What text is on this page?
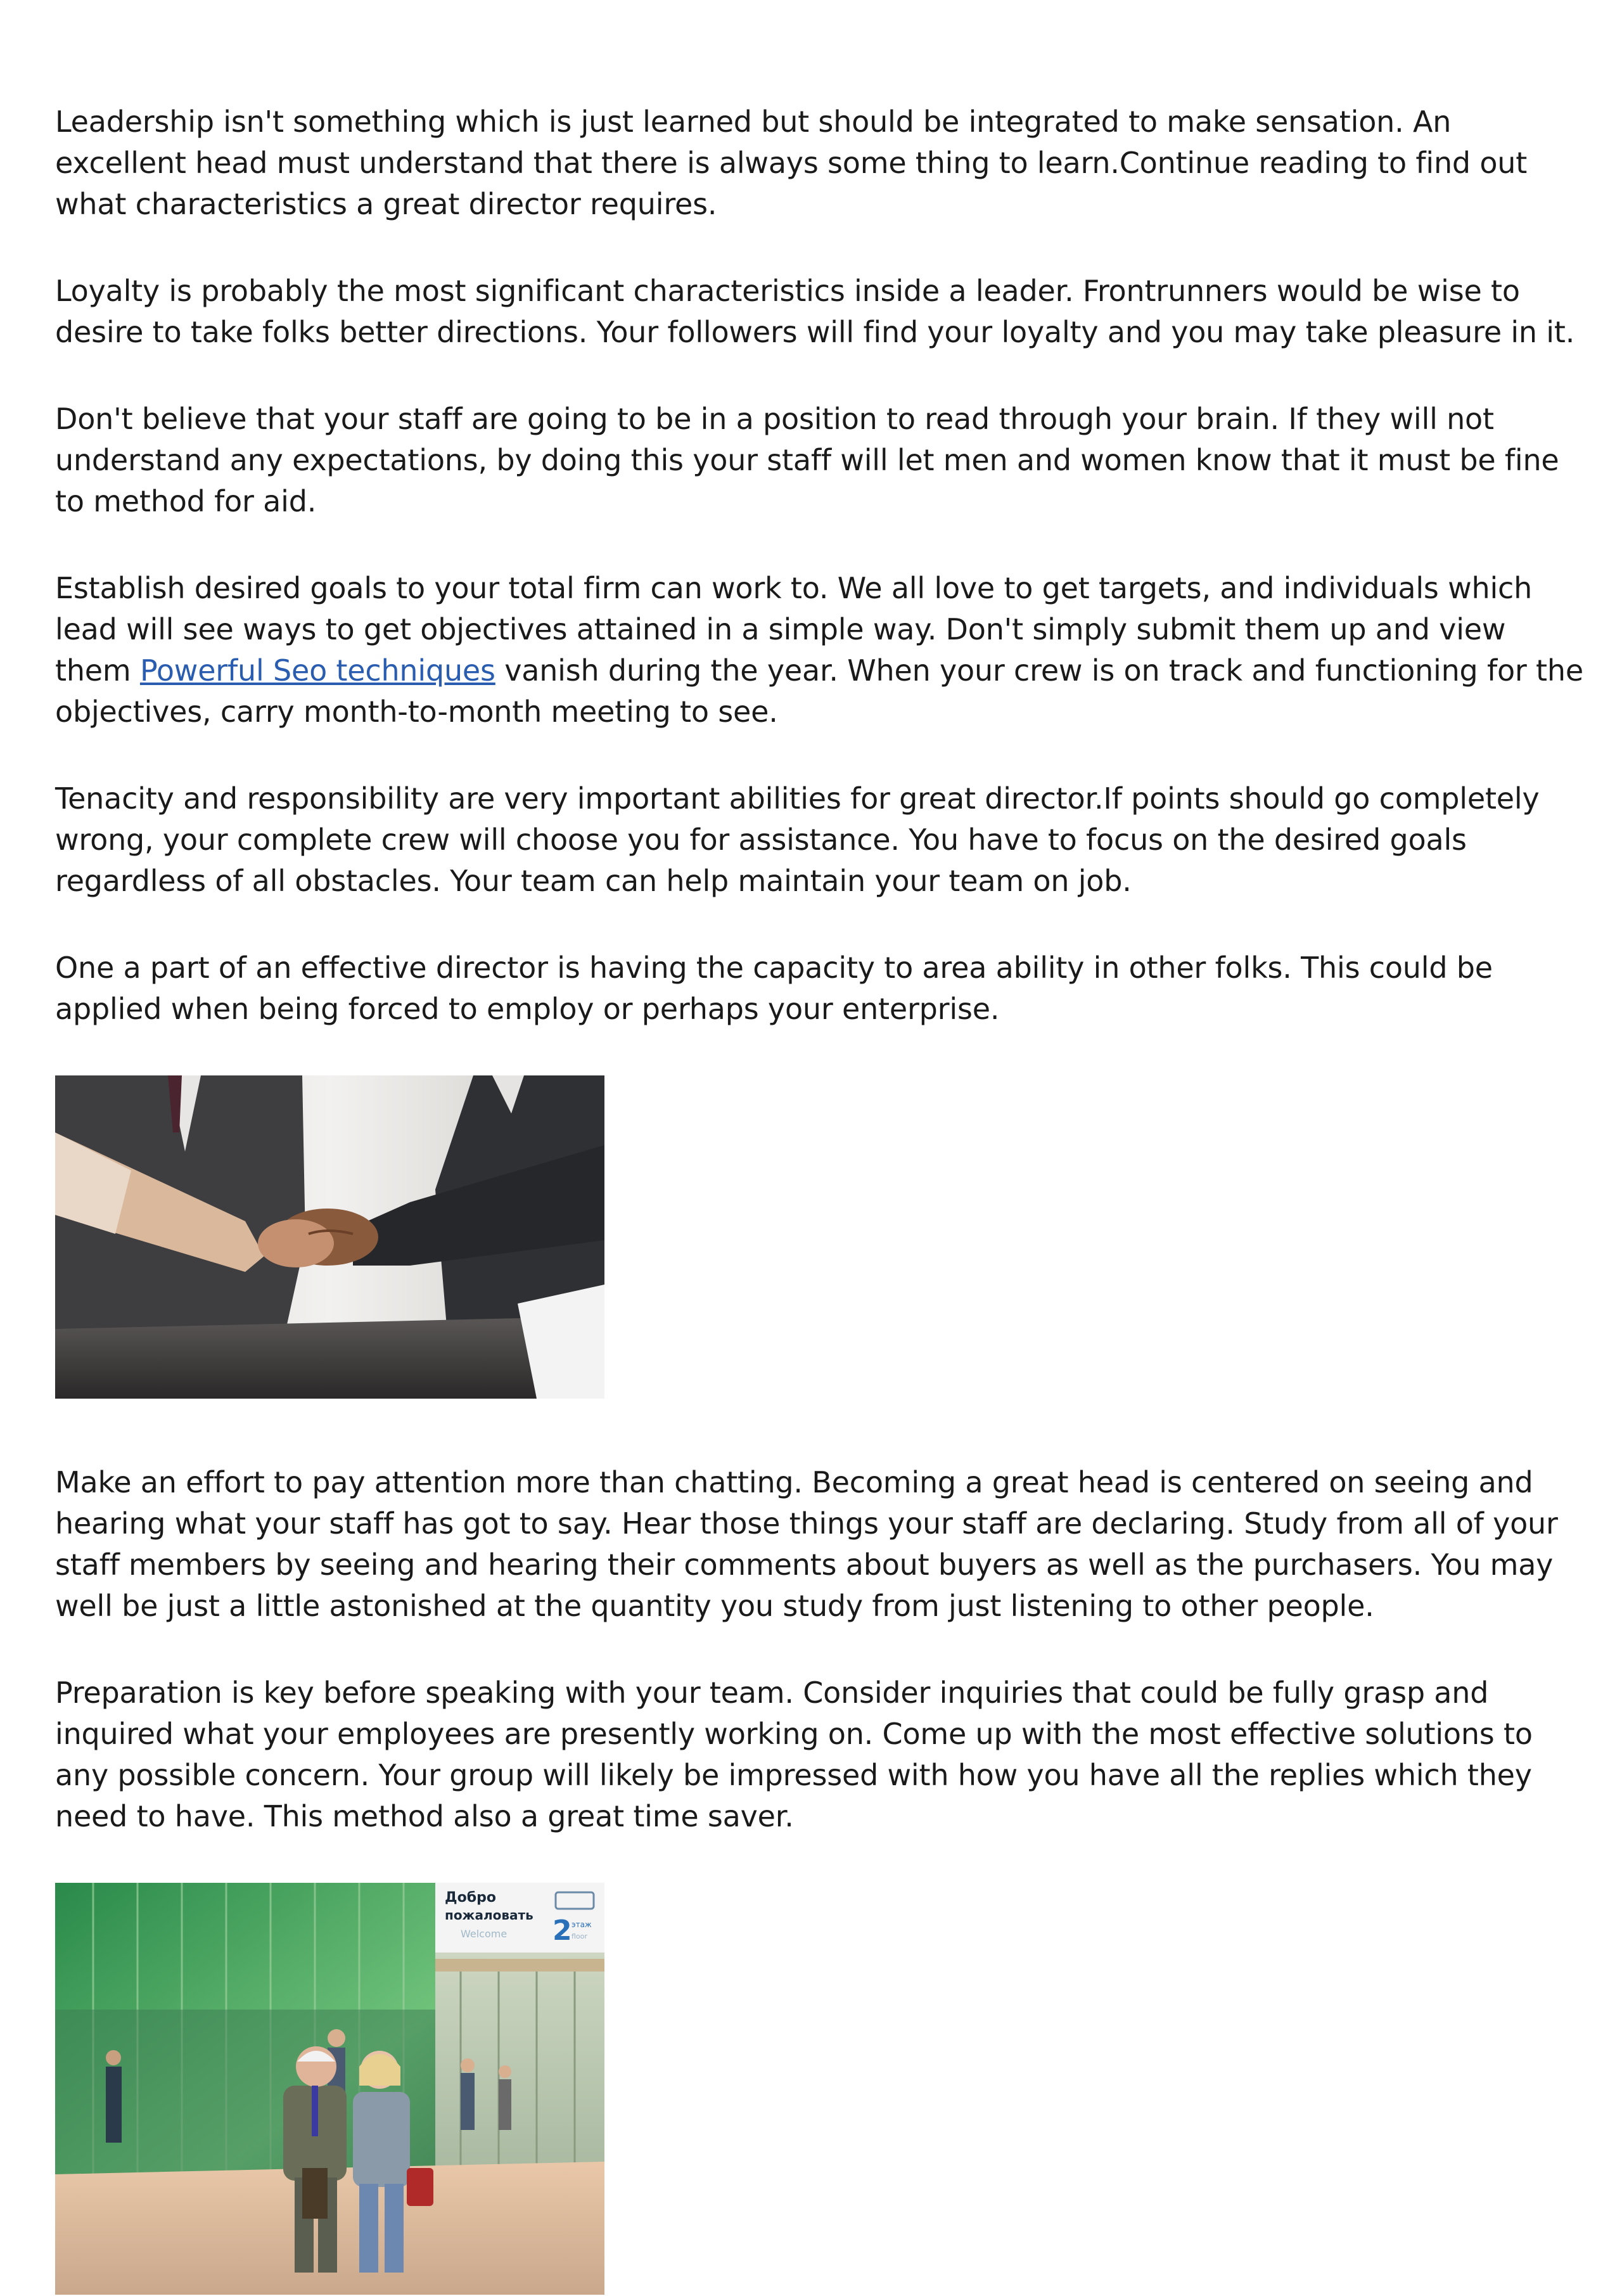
Leadership isn't something which is just learned but should be integrated to make sensation. An excellent head must understand that there is always some thing to learn.Continue reading to find out what characteristics a great director requires.

Loyalty is probably the most significant characteristics inside a leader. Frontrunners would be wise to desire to take folks better directions. Your followers will find your loyalty and you may take pleasure in it.

Don't believe that your staff are going to be in a position to read through your brain. If they will not understand any expectations, by doing this your staff will let men and women know that it must be fine to method for aid.

Establish desired goals to your total firm can work to. We all love to get targets, and individuals which lead will see ways to get objectives attained in a simple way. Don't simply submit them up and view them Powerful Seo techniques vanish during the year. When your crew is on track and functioning for the objectives, carry month-to-month meeting to see.

Tenacity and responsibility are very important abilities for great director.If points should go completely wrong, your complete crew will choose you for assistance. You have to focus on the desired goals regardless of all obstacles. Your team can help maintain your team on job.

One a part of an effective director is having the capacity to area ability in other folks. This could be applied when being forced to employ or perhaps your enterprise.

Make an effort to pay attention more than chatting. Becoming a great head is centered on seeing and hearing what your staff has got to say. Hear those things your staff are declaring. Study from all of your staff members by seeing and hearing their comments about buyers as well as the purchasers. You may well be just a little astonished at the quantity you study from just listening to other people.

Preparation is key before speaking with your team. Consider inquiries that could be fully grasp and inquired what your employees are presently working on. Come up with the most effective solutions to any possible concern. Your group will likely be impressed with how you have all the replies which they need to have. This method also a great time saver.

Добро
пожаловать
Welcome 2 этаж
floor
